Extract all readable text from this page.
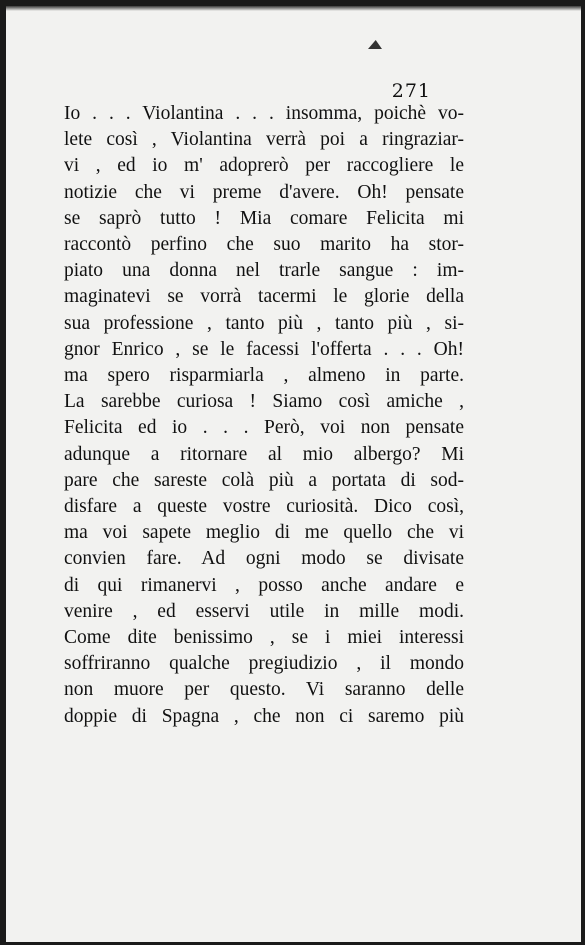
271
Io . . . Violantina . . . insomma, poichè vo-
lete così , Violantina verrà poi a ringraziar-
vi , ed io m' adoprerò per raccogliere le
notizie che vi preme d'avere. Oh! pensate
se saprò tutto ! Mia comare Felicita mi
raccontò perfino che suo marito ha stor-
piato una donna nel trarle sangue : im-
maginatevi se vorrà tacermi le glorie della
sua professione , tanto più , tanto più , si-
gnor Enrico , se le facessi l'offerta . . . Oh!
ma spero risparmiarla , almeno in parte.
La sarebbe curiosa ! Siamo così amiche ,
Felicita ed io . . . Però, voi non pensate
adunque a ritornare al mio albergo? Mi
pare che sareste colà più a portata di sod-
disfare a queste vostre curiosità. Dico così,
ma voi sapete meglio di me quello che vi
convien fare. Ad ogni modo se divisate
di qui rimanervi , posso anche andare e
venire , ed esservi utile in mille modi.
Come dite benissimo , se i miei interessi
soffriranno qualche pregiudizio , il mondo
non muore per questo. Vi saranno delle
doppie di Spagna , che non ci saremo più
